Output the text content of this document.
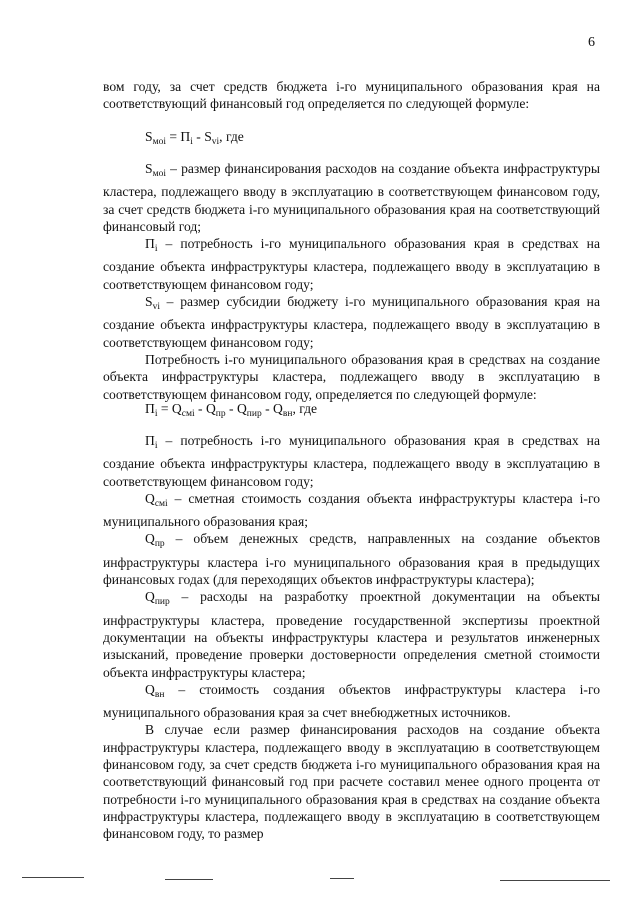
6

вом году, за счет средств бюджета i-го муниципального образования края на соответствующий финансовый год определяется по следующей формуле:

$S_{мoi} = П_i - S_{vi}$, где

$S_{мoi}$ – размер финансирования расходов на создание объекта инфраструктуры кластера, подлежащего вводу в эксплуатацию в соответствующем финансовом году, за счет средств бюджета i-го муниципального образования края на соответствующий финансовый год;

$П_i$ – потребность i-го муниципального образования края в средствах на создание объекта инфраструктуры кластера, подлежащего вводу в эксплуатацию в соответствующем финансовом году;

$S_{vi}$ – размер субсидии бюджету i-го муниципального образования края на создание объекта инфраструктуры кластера, подлежащего вводу в эксплуатацию в соответствующем финансовом году;

Потребность i-го муниципального образования края в средствах на создание объекта инфраструктуры кластера, подлежащего вводу в эксплуатацию в соответствующем финансовом году, определяется по следующей формуле:

$П_i = Q_{смi} - Q_{пр} - Q_{пир} - Q_{вн}$, где

$П_i$ – потребность i-го муниципального образования края в средствах на создание объекта инфраструктуры кластера, подлежащего вводу в эксплуатацию в соответствующем финансовом году;

$Q_{смi}$ – сметная стоимость создания объекта инфраструктуры кластера i-го муниципального образования края;

$Q_{пр}$ – объем денежных средств, направленных на создание объектов инфраструктуры кластера i-го муниципального образования края в предыдущих финансовых годах (для переходящих объектов инфраструктуры кластера);

$Q_{пир}$ – расходы на разработку проектной документации на объекты инфраструктуры кластера, проведение государственной экспертизы проектной документации на объекты инфраструктуры кластера и результатов инженерных изысканий, проведение проверки достоверности определения сметной стоимости объекта инфраструктуры кластера;

$Q_{вн}$ – стоимость создания объектов инфраструктуры кластера i-го муниципального образования края за счет внебюджетных источников.

В случае если размер финансирования расходов на создание объекта инфраструктуры кластера, подлежащего вводу в эксплуатацию в соответствующем финансовом году, за счет средств бюджета i-го муниципального образования края на соответствующий финансовый год при расчете составил менее одного процента от потребности i-го муниципального образования края в средствах на создание объекта инфраструктуры кластера, подлежащего вводу в эксплуатацию в соответствующем финансовом году, то размер
